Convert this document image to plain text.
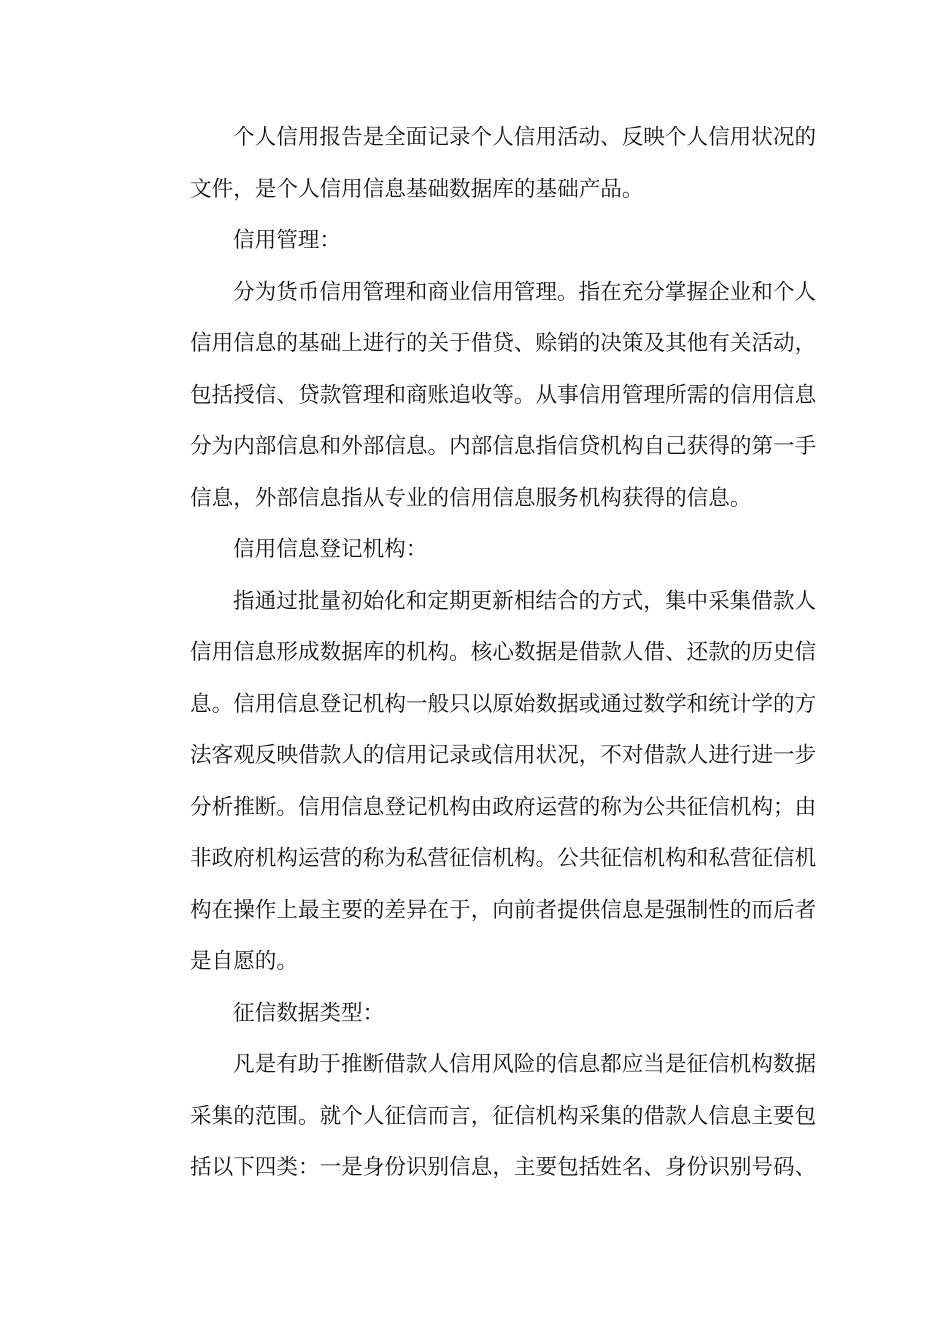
个人信用报告是全面记录个人信用活动、反映个人信用状况的
文件，是个人信用信息基础数据库的基础产品。
信用管理：
分为货币信用管理和商业信用管理。指在充分掌握企业和个人
信用信息的基础上进行的关于借贷、赊销的决策及其他有关活动，
包括授信、贷款管理和商账追收等。从事信用管理所需的信用信息
分为内部信息和外部信息。内部信息指信贷机构自己获得的第一手
信息，外部信息指从专业的信用信息服务机构获得的信息。
信用信息登记机构：
指通过批量初始化和定期更新相结合的方式，集中采集借款人
信用信息形成数据库的机构。核心数据是借款人借、还款的历史信
息。信用信息登记机构一般只以原始数据或通过数学和统计学的方
法客观反映借款人的信用记录或信用状况，不对借款人进行进一步
分析推断。信用信息登记机构由政府运营的称为公共征信机构；由
非政府机构运营的称为私营征信机构。公共征信机构和私营征信机
构在操作上最主要的差异在于，向前者提供信息是强制性的而后者
是自愿的。
征信数据类型：
凡是有助于推断借款人信用风险的信息都应当是征信机构数据
采集的范围。就个人征信而言，征信机构采集的借款人信息主要包
括以下四类：一是身份识别信息，主要包括姓名、身份识别号码、
